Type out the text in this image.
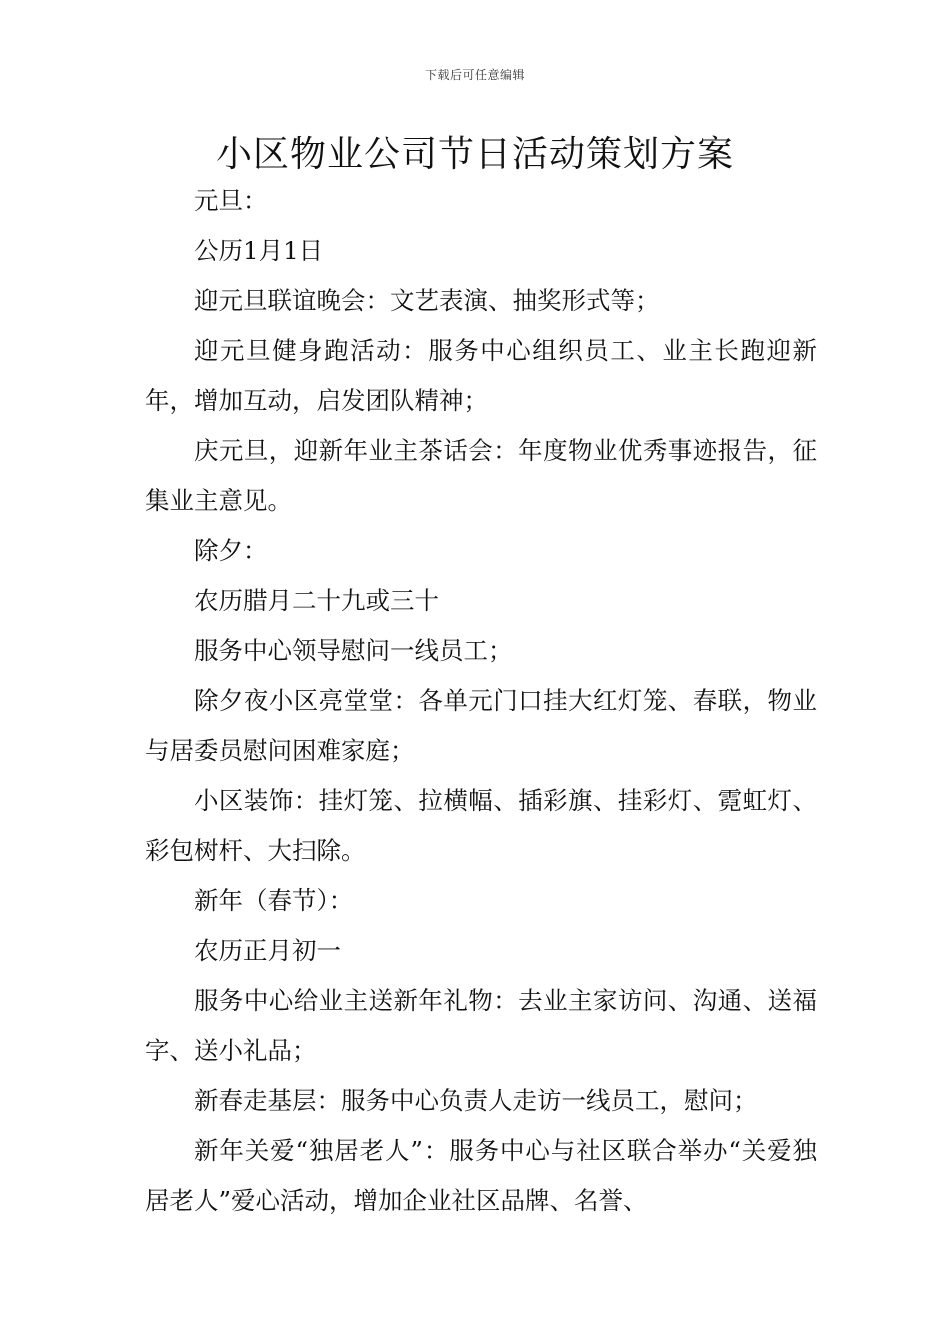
下载后可任意编辑
小区物业公司节日活动策划方案

元旦：

公历1月1日

迎元旦联谊晚会：文艺表演、抽奖形式等；

迎元旦健身跑活动：服务中心组织员工、业主长跑迎新年，增加互动，启发团队精神；

庆元旦，迎新年业主茶话会：年度物业优秀事迹报告，征集业主意见。

除夕：

农历腊月二十九或三十

服务中心领导慰问一线员工；

除夕夜小区亮堂堂：各单元门口挂大红灯笼、春联，物业与居委员慰问困难家庭；

小区装饰：挂灯笼、拉横幅、插彩旗、挂彩灯、霓虹灯、彩包树杆、大扫除。

新年（春节）：

农历正月初一

服务中心给业主送新年礼物：去业主家访问、沟通、送福字、送小礼品；

新春走基层：服务中心负责人走访一线员工，慰问；

新年关爱“独居老人”：服务中心与社区联合举办“关爱独居老人”爱心活动，增加企业社区品牌、名誉、
